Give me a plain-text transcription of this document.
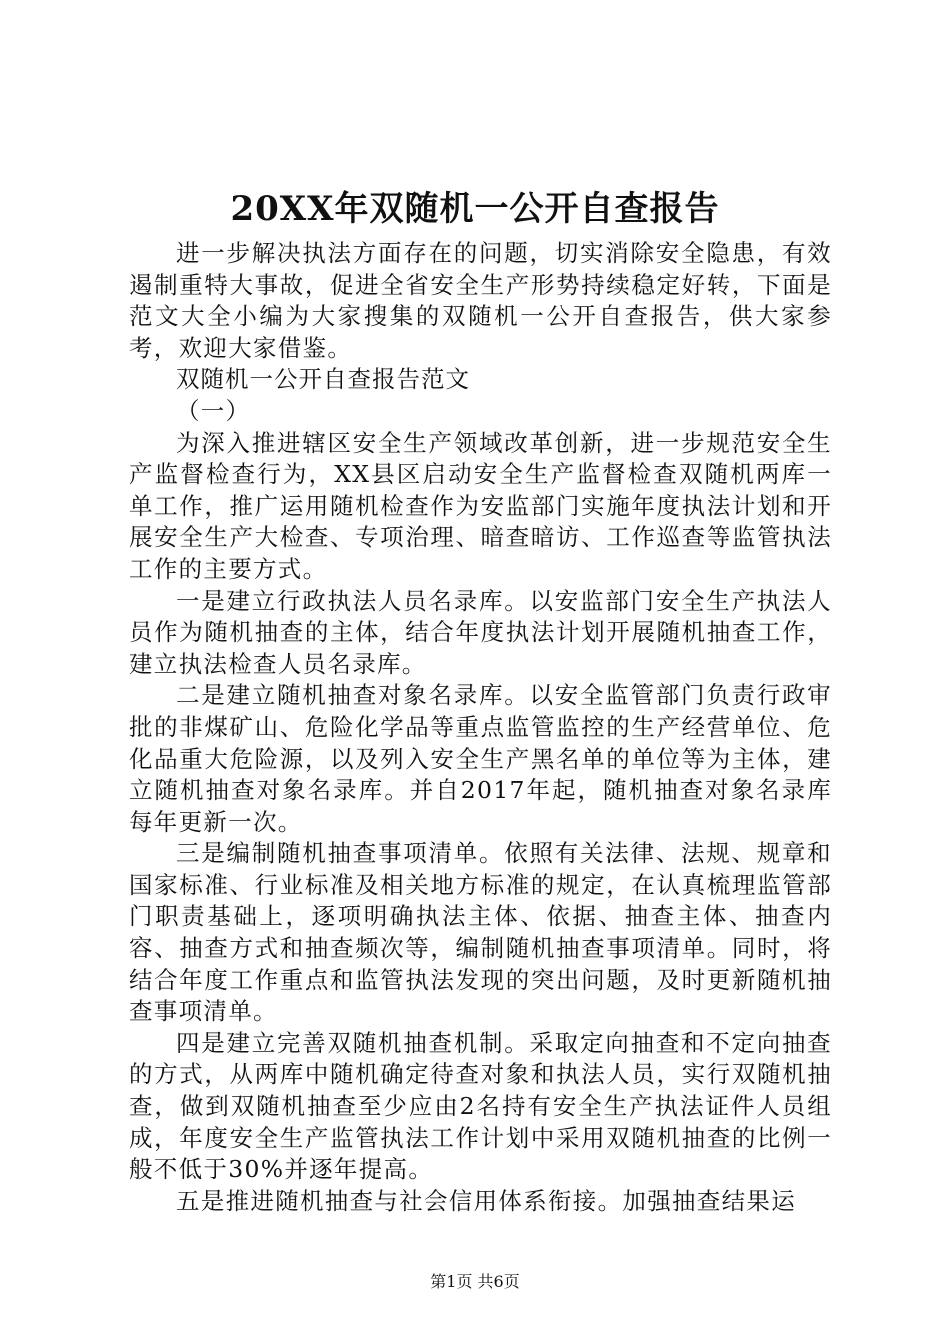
20XX年双随机一公开自查报告

进一步解决执法方面存在的问题，切实消除安全隐患，有效遏制重特大事故，促进全省安全生产形势持续稳定好转，下面是范文大全小编为大家搜集的双随机一公开自查报告，供大家参考，欢迎大家借鉴。

双随机一公开自查报告范文

（一）

为深入推进辖区安全生产领域改革创新，进一步规范安全生产监督检查行为，XX县区启动安全生产监督检查双随机两库一单工作，推广运用随机检查作为安监部门实施年度执法计划和开展安全生产大检查、专项治理、暗查暗访、工作巡查等监管执法工作的主要方式。

一是建立行政执法人员名录库。以安监部门安全生产执法人员作为随机抽查的主体，结合年度执法计划开展随机抽查工作，建立执法检查人员名录库。

二是建立随机抽查对象名录库。以安全监管部门负责行政审批的非煤矿山、危险化学品等重点监管监控的生产经营单位、危化品重大危险源，以及列入安全生产黑名单的单位等为主体，建立随机抽查对象名录库。并自2017年起，随机抽查对象名录库每年更新一次。

三是编制随机抽查事项清单。依照有关法律、法规、规章和国家标准、行业标准及相关地方标准的规定，在认真梳理监管部门职责基础上，逐项明确执法主体、依据、抽查主体、抽查内容、抽查方式和抽查频次等，编制随机抽查事项清单。同时，将结合年度工作重点和监管执法发现的突出问题，及时更新随机抽查事项清单。

四是建立完善双随机抽查机制。采取定向抽查和不定向抽查的方式，从两库中随机确定待查对象和执法人员，实行双随机抽查，做到双随机抽查至少应由2名持有安全生产执法证件人员组成，年度安全生产监管执法工作计划中采用双随机抽查的比例一般不低于30%并逐年提高。

五是推进随机抽查与社会信用体系衔接。加强抽查结果运

第1页 共6页
